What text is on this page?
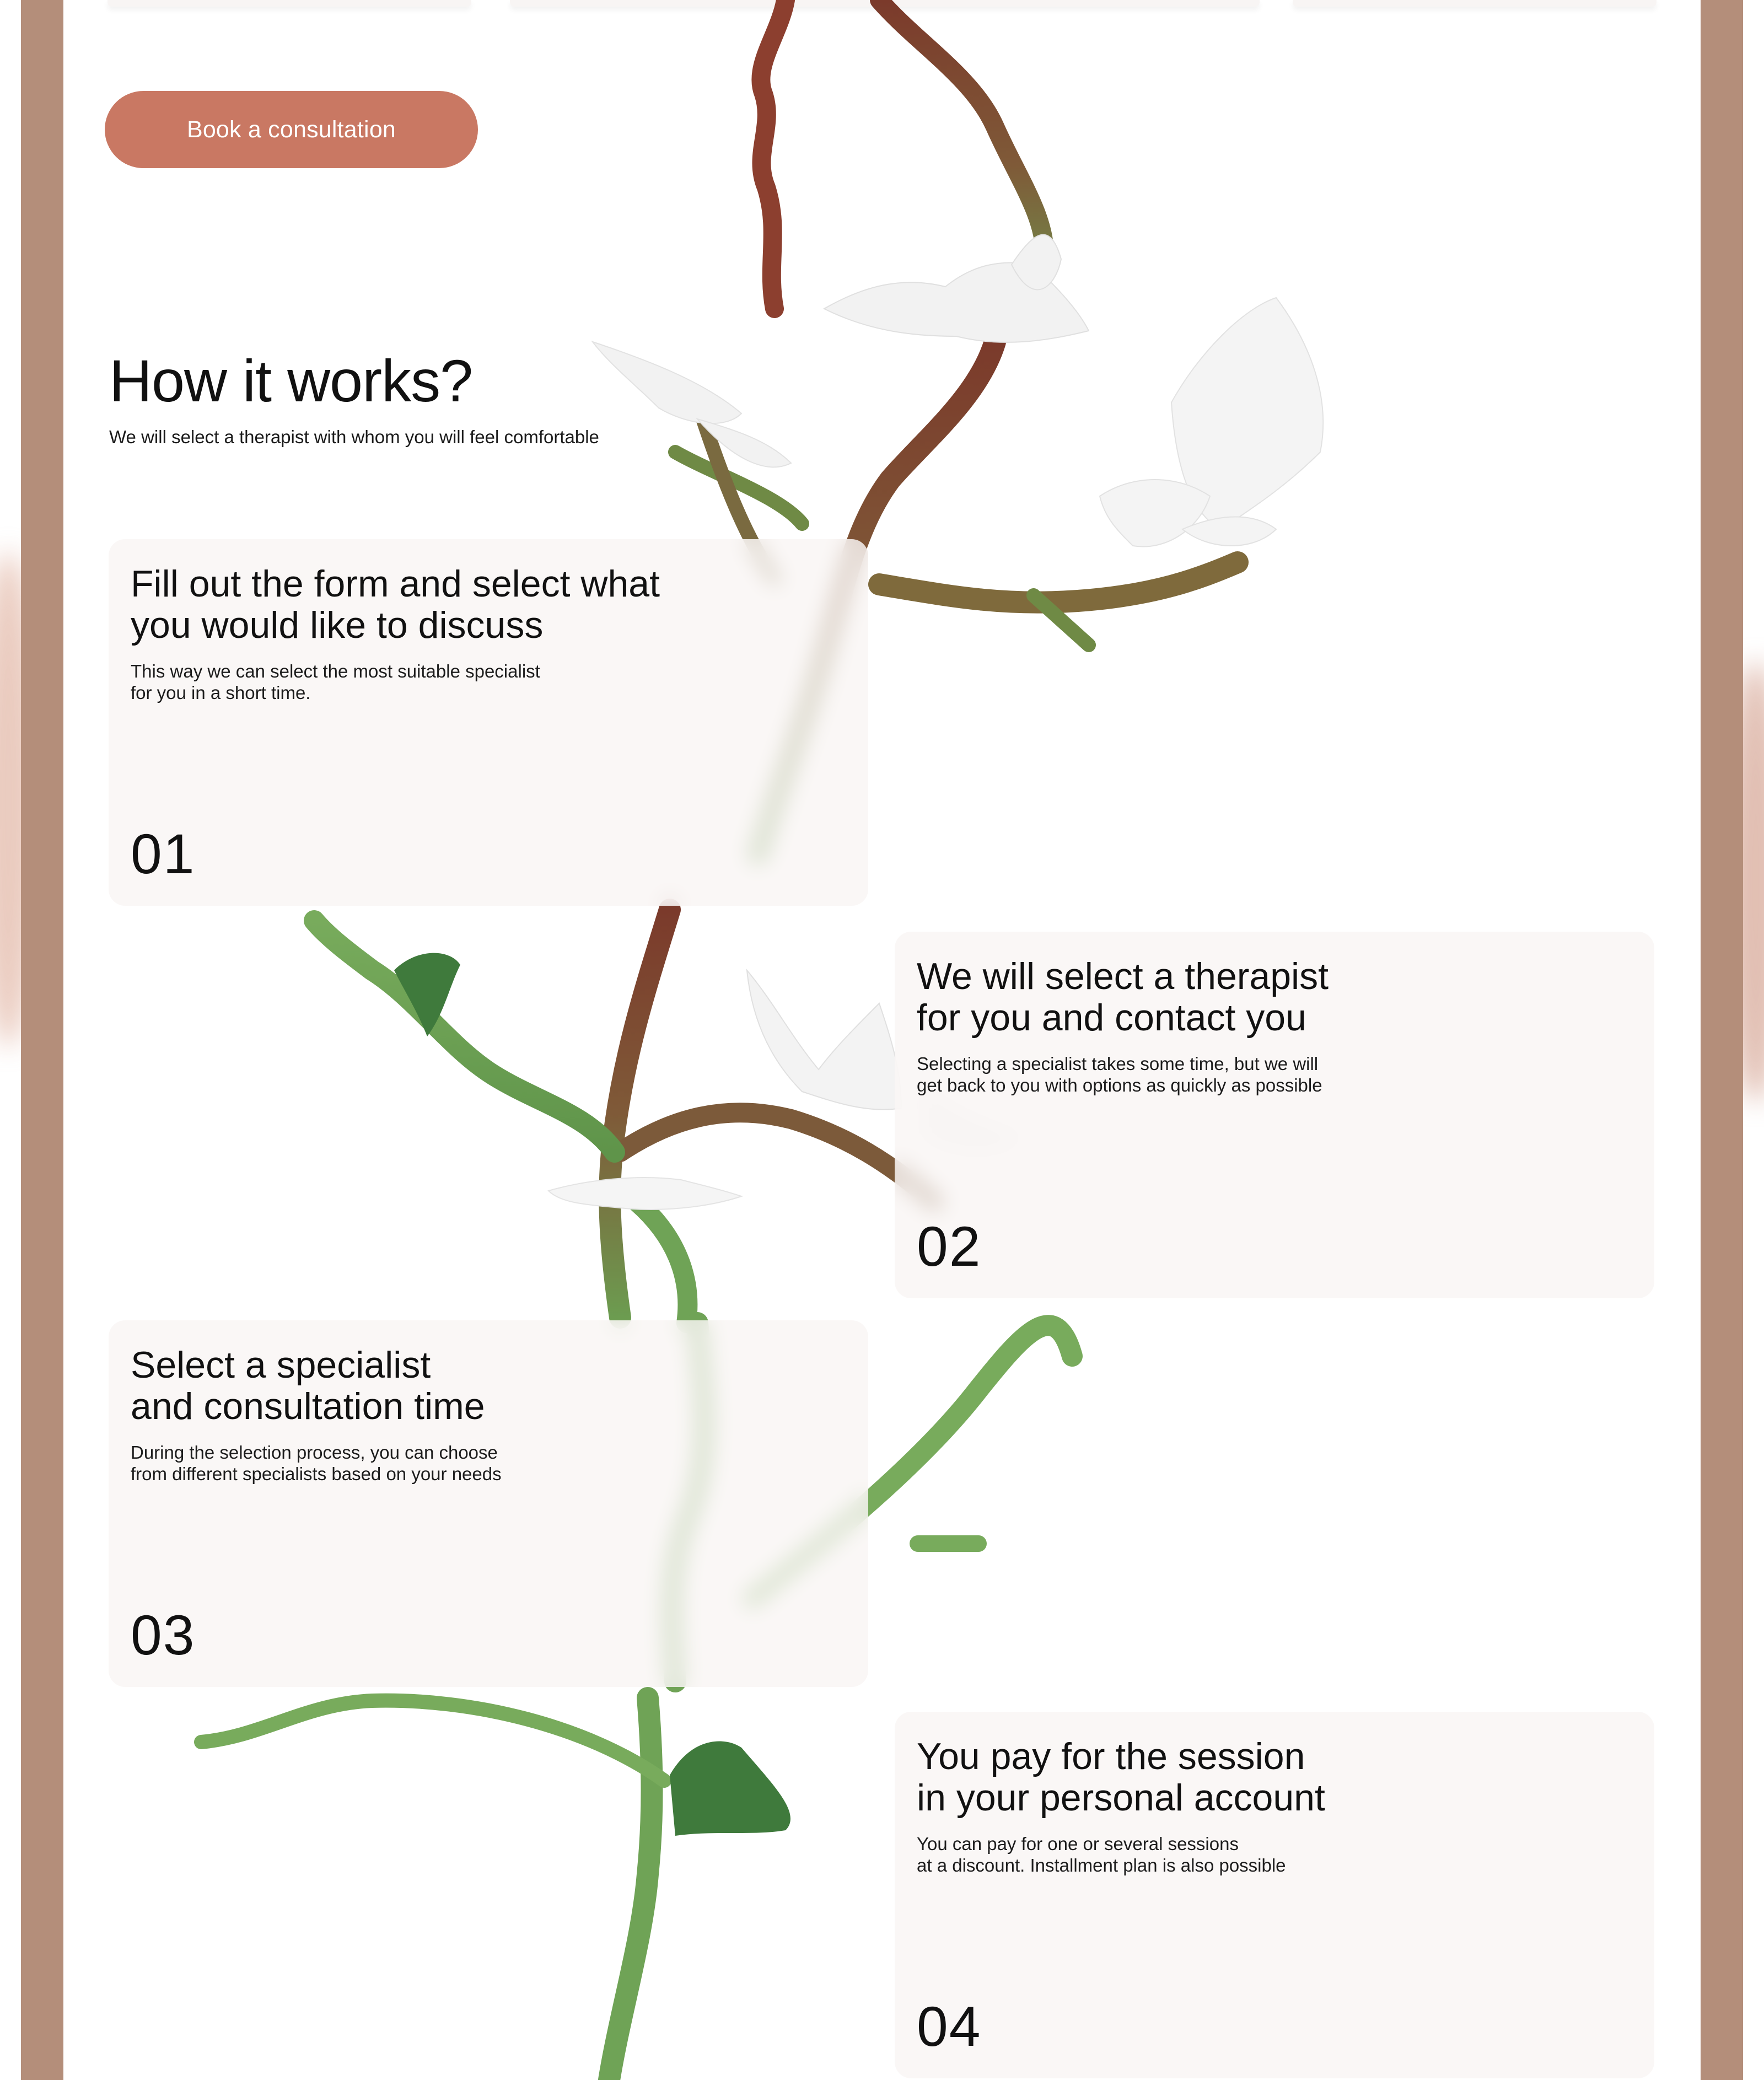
Book a consultation
How it works?

We will select a therapist with whom you will feel comfortable

Fill out the form and select what
you would like to discuss

This way we can select the most suitable specialist
for you in a short time.

01
We will select a therapist
for you and contact you

Selecting a specialist takes some time, but we will
get back to you with options as quickly as possible

02
Select a specialist
and consultation time

During the selection process, you can choose
from different specialists based on your needs

03
You pay for the session
in your personal account

You can pay for one or several sessions
at a discount. Installment plan is also possible

04
